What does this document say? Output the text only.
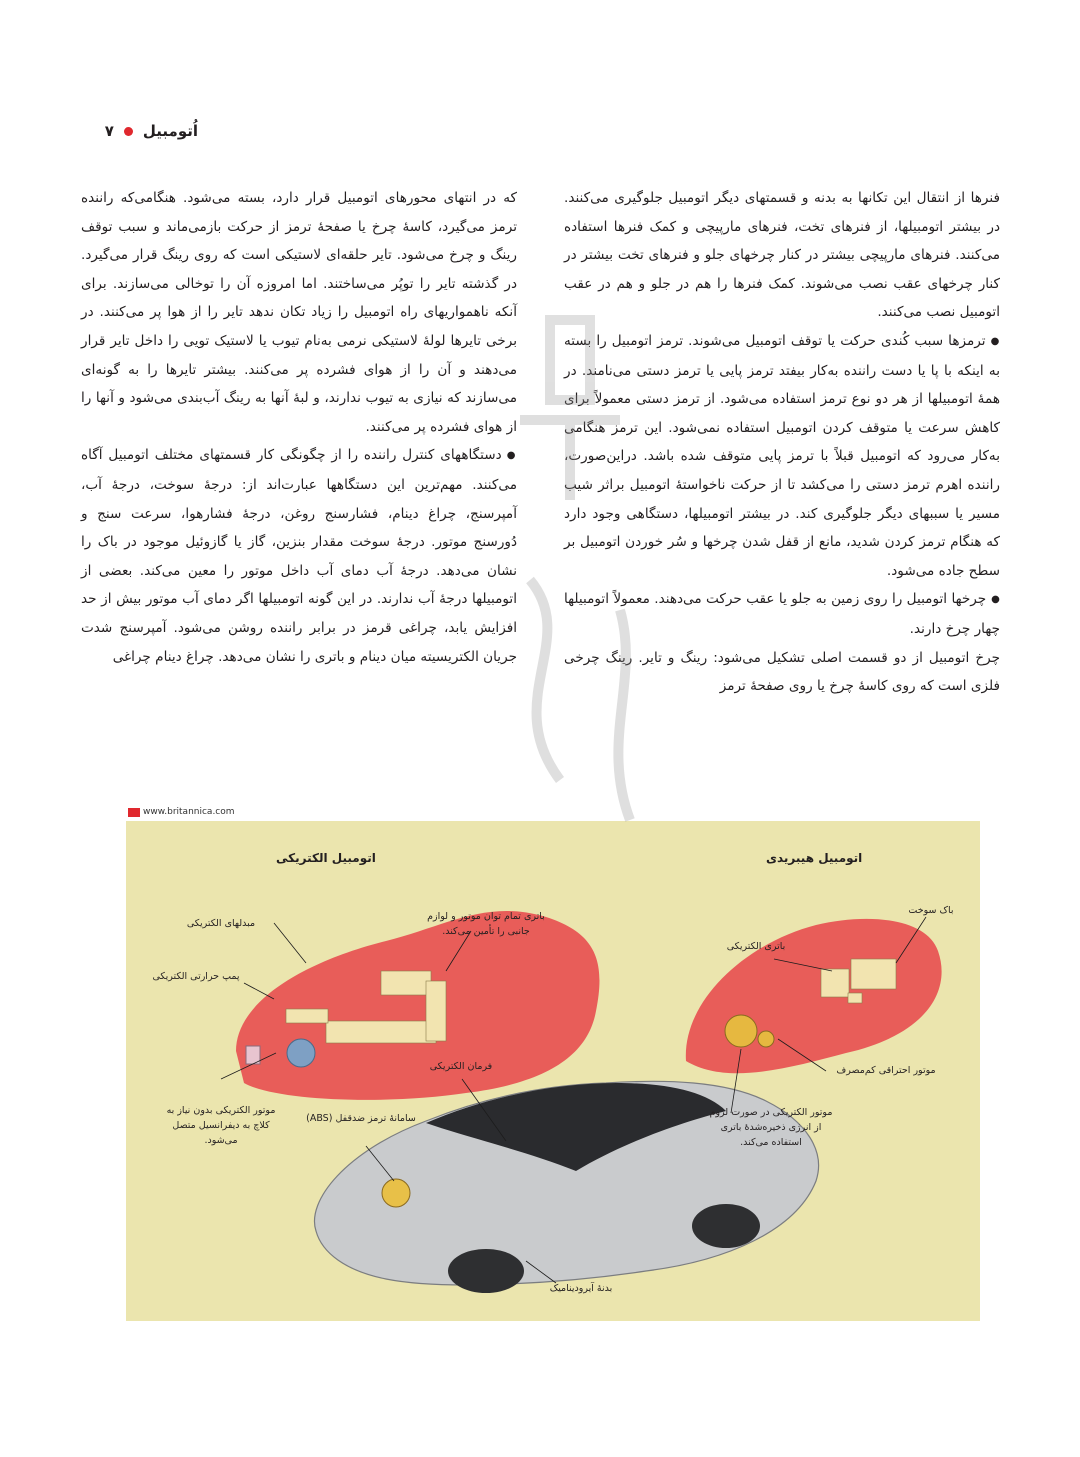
اُتومبیل
۷

فنرها از انتقال این تکانها به بدنه و قسمتهای دیگر اتومبیل جلوگیری می‌کنند. در بیشتر اتومبیلها، از فنرهای تخت، فنرهای مارپیچی و کمک فنرها استفاده می‌کنند. فنرهای مارپیچی بیشتر در کنار چرخهای جلو و فنرهای تخت بیشتر در کنار چرخهای عقب نصب می‌شوند. کمک فنرها را هم در جلو و هم در عقب اتومبیل نصب می‌کنند.

● ترمزها سبب کُندی حرکت یا توقف اتومبیل می‌شوند. ترمز اتومبیل را بسته به اینکه با پا یا دست راننده به‌کار بیفتد ترمز پایی یا ترمز دستی می‌نامند. در همهٔ اتومبیلها از هر دو نوع ترمز استفاده می‌شود. از ترمز دستی معمولاً برای کاهش سرعت یا متوقف کردن اتومبیل استفاده نمی‌شود. این ترمز هنگامی به‌کار می‌رود که اتومبیل قبلاً با ترمز پایی متوقف شده باشد. دراین‌صورت، راننده اهرم ترمز دستی را می‌کشد تا از حرکت ناخواستهٔ اتومبیل براثر شیب مسیر یا سببهای دیگر جلوگیری کند. در بیشتر اتومبیلها، دستگاهی وجود دارد که هنگام ترمز کردن شدید، مانع از قفل شدن چرخها و سُر خوردن اتومبیل بر سطح جاده می‌شود.

● چرخها اتومبیل را روی زمین به جلو یا عقب حرکت می‌دهند. معمولاً اتومبیلها چهار چرخ دارند.

چرخ اتومبیل از دو قسمت اصلی تشکیل می‌شود: رینگ و تایر. رینگ چرخی فلزی است که روی کاسهٔ چرخ یا روی صفحهٔ ترمز

که در انتهای محورهای اتومبیل قرار دارد، بسته می‌شود. هنگامی‌که راننده ترمز می‌گیرد، کاسهٔ چرخ یا صفحهٔ ترمز از حرکت بازمی‌ماند و سبب توقف رینگ و چرخ می‌شود. تایر حلقه‌ای لاستیکی است که روی رینگ قرار می‌گیرد. در گذشته تایر را توپُر می‌ساختند. اما امروزه آن را توخالی می‌سازند. برای آنکه ناهمواریهای راه اتومبیل را زیاد تکان ندهد تایر را از هوا پر می‌کنند. در برخی تایرها لولهٔ لاستیکی نرمی به‌نام تیوب یا لاستیک تویی را داخل تایر قرار می‌دهند و آن را از هوای فشرده پر می‌کنند. بیشتر تایرها را به گونه‌ای می‌سازند که نیازی به تیوب ندارند، و لبهٔ آنها به رینگ آب‌بندی می‌شود و آنها را از هوای فشرده پر می‌کنند.

● دستگاههای کنترل راننده را از چگونگی کار قسمتهای مختلف اتومبیل آگاه می‌کنند. مهم‌ترین این دستگاهها عبارت‌اند از: درجهٔ سوخت، درجهٔ آب، آمپرسنج، چراغ دینام، فشارسنج روغن، درجهٔ فشارهوا، سرعت سنج و دُورسنج موتور. درجهٔ سوخت مقدار بنزین، گاز یا گازوئیل موجود در باک را نشان می‌دهد. درجهٔ آب دمای آب داخل موتور را معین می‌کند. بعضی از اتومبیلها درجهٔ آب ندارند. در این گونه اتومبیلها اگر دمای آب موتور بیش از حد افزایش یابد، چراغی قرمز در برابر راننده روشن می‌شود. آمپرسنج شدت جریان الکتریسیته میان دینام و باتری را نشان می‌دهد. چراغ دینام چراغی

www.britannica.com
اتومبیل الکتریکی	اتومبیل هیبریدی
مبدلهای الکتریکی
پمپ حرارتی الکتریکی
باتری تمام توان موتور و لوازم جانبی را تأمین می‌کند.
موتور الکتریکی بدون نیاز به کلاچ به دیفرانسیل متصل می‌شود.
سامانهٔ ترمز ضدقفل (ABS)
فرمان الکتریکی
بدنهٔ آیرودینامیک
باک سوخت
باتری الکتریکی
موتور احتراقی کم‌مصرف
موتور الکتریکی در صورت لزوم از انرژی ذخیره‌شدهٔ باتری استفاده می‌کند.
